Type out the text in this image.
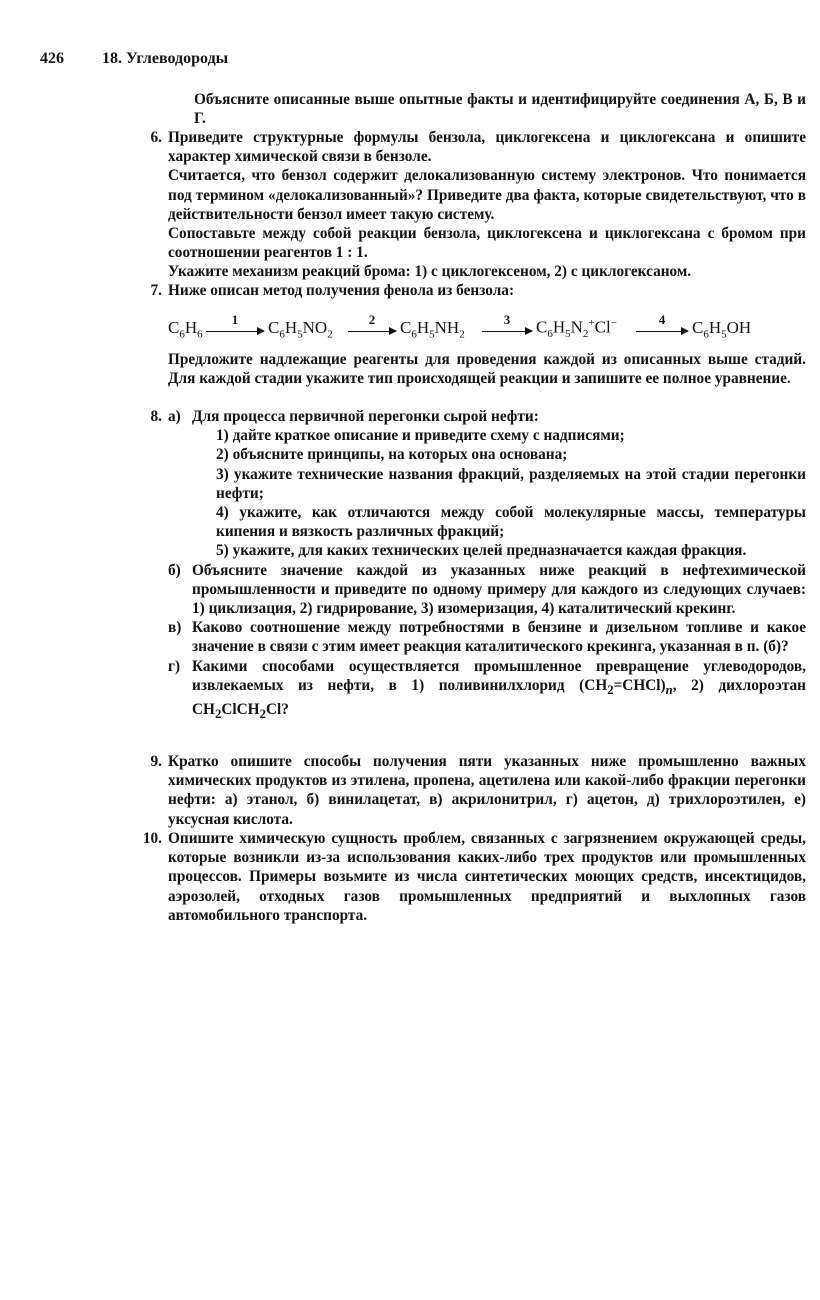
426 18. Углеводороды
Объясните описанные выше опытные факты и идентифицируйте соединения А, Б, В и Г.
6. Приведите структурные формулы бензола, циклогексена и циклогексана и опишите характер химической связи в бензоле.

Считается, что бензол содержит делокализованную систему электронов. Что понимается под термином «делокализованный»? Приведите два факта, которые свидетельствуют, что в действительности бензол имеет такую систему.

Сопоставьте между собой реакции бензола, циклогексена и циклогексана с бромом при соотношении реагентов 1 : 1.

Укажите механизм реакций брома: 1) с циклогексеном, 2) с циклогексаном.

7. Ниже описан метод получения фенола из бензола:
$C_6H_6$
1 $C_6H_5NO_2$
2 $C_6H_5NH_2$
3 $C_6H_5N_2^+Cl^-$	4 $C_6H_5OH$
Предложите надлежащие реагенты для проведения каждой из описанных выше стадий. Для каждой стадии укажите тип происходящей реакции и запишите ее полное уравнение.
8. а) Для процесса первичной перегонки сырой нефти:

1) дайте краткое описание и приведите схему с надписями;

2) объясните принципы, на которых она основана;

3) укажите технические названия фракций, разделяемых на этой стадии перегонки нефти;

4) укажите, как отличаются между собой молекулярные массы, температуры кипения и вязкость различных фракций;

5) укажите, для каких технических целей предназначается каждая фракция.

б) Объясните значение каждой из указанных ниже реакций в нефтехимической промышленности и приведите по одному примеру для каждого из следующих случаев: 1) циклизация, 2) гидрирование, 3) изомеризация, 4) каталитический крекинг.

в) Каково соотношение между потребностями в бензине и дизельном топливе и какое значение в связи с этим имеет реакция каталитического крекинга, указанная в п. (б)?

г) Какими способами осуществляется промышленное превращение углеводородов, извлекаемых из нефти, в 1) поливинилхлорид $(CH_2=CHCl)_n$, 2) дихлороэтан $CH_2ClCH_2Cl$?

9. Кратко опишите способы получения пяти указанных ниже промышленно важных химических продуктов из этилена, пропена, ацетилена или какой-либо фракции перегонки нефти: а) этанол, б) винилацетат, в) акрилонитрил, г) ацетон, д) трихлороэтилен, е) уксусная кислота.
10. Опишите химическую сущность проблем, связанных с загрязнением окружающей среды, которые возникли из-за использования каких-либо трех продуктов или промышленных процессов. Примеры возьмите из числа синтетических моющих средств, инсектицидов, аэрозолей, отходных газов промышленных предприятий и выхлопных газов автомобильного транспорта.
